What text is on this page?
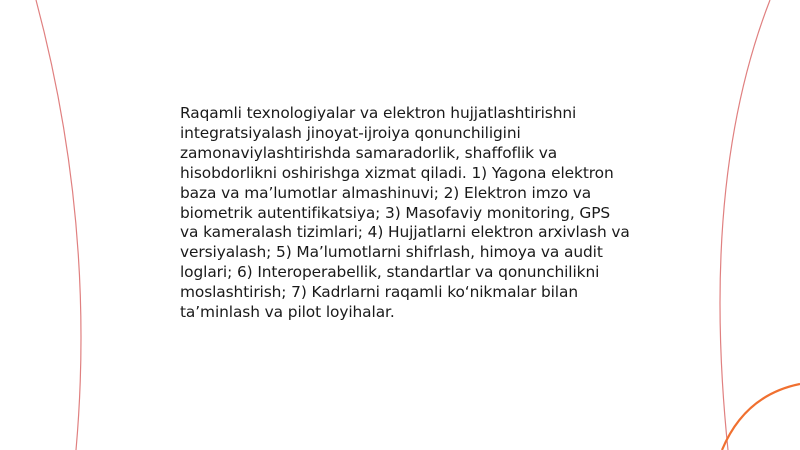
Raqamli texnologiyalar va elektron hujjatlashtirishni integratsiyalash jinoyat-ijroiya qonunchiligini zamonaviylashtirishda samaradorlik, shaffoflik va hisobdorlikni oshirishga xizmat qiladi. 1) Yagona elektron baza va ma’lumotlar almashinuvi; 2) Elektron imzo va biometrik autentifikatsiya; 3) Masofaviy monitoring, GPS va kameralash tizimlari; 4) Hujjatlarni elektron arxivlash va versiyalash; 5) Ma’lumotlarni shifrlash, himoya va audit loglari; 6) Interoperabellik, standartlar va qonunchilikni moslashtirish; 7) Kadrlarni raqamli ko‘nikmalar bilan ta’minlash va pilot loyihalar.
